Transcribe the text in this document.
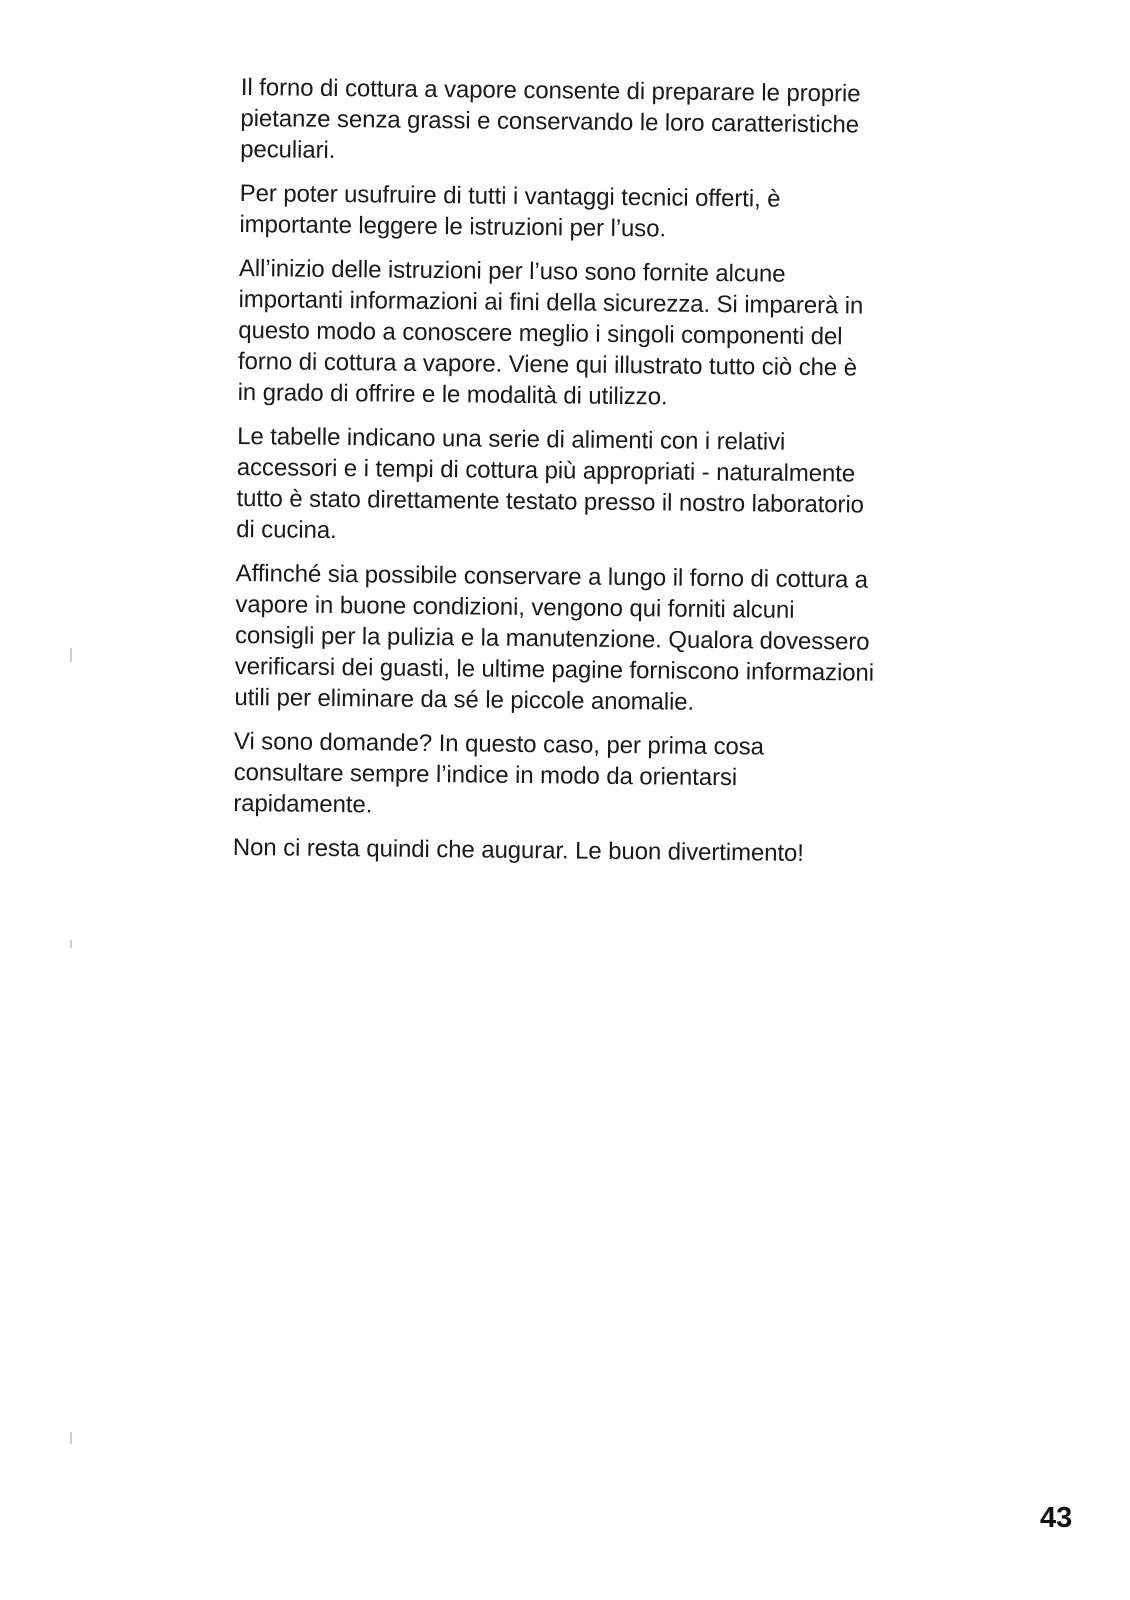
Il forno di cottura a vapore consente di preparare le proprie
pietanze senza grassi e conservando le loro caratteristiche
peculiari.

Per poter usufruire di tutti i vantaggi tecnici offerti, è
importante leggere le istruzioni per l’uso.

All’inizio delle istruzioni per l’uso sono fornite alcune
importanti informazioni ai fini della sicurezza. Si imparerà in
questo modo a conoscere meglio i singoli componenti del
forno di cottura a vapore. Viene qui illustrato tutto ciò che è
in grado di offrire e le modalità di utilizzo.

Le tabelle indicano una serie di alimenti con i relativi
accessori e i tempi di cottura più appropriati - naturalmente
tutto è stato direttamente testato presso il nostro laboratorio
di cucina.

Affinché sia possibile conservare a lungo il forno di cottura a
vapore in buone condizioni, vengono qui forniti alcuni
consigli per la pulizia e la manutenzione. Qualora dovessero
verificarsi dei guasti, le ultime pagine forniscono informazioni
utili per eliminare da sé le piccole anomalie.

Vi sono domande? In questo caso, per prima cosa
consultare sempre l’indice in modo da orientarsi
rapidamente.

Non ci resta quindi che augurar. Le buon divertimento!

43
